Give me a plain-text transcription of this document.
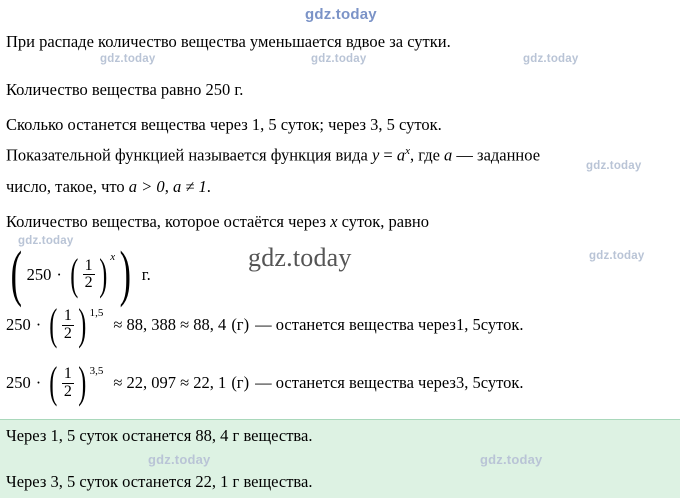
gdz.today
gdz.today	gdz.today	gdz.today
gdz.today
gdz.today
gdz.today
gdz.today
При распаде количество вещества уменьшается вдвое за сутки.
Количество вещества равно 250 г.
Сколько останется вещества через 1, 5 суток; через 3, 5 суток.
Показательной функцией называется функция вида $y = a^x$, где a — заданное
число, такое, что a > 0, a ≠ 1.
Количество вещества, которое остаётся через x суток, равно
( 250 · ( $\frac{1}{2}$ ) x ) г.
250 · ( $\frac{1}{2}$ ) 1,5
≈ 88, 388 ≈ 88, 4 (г) — останется вещества через 1, 5 суток.
250 · ( $\frac{1}{2}$ ) 3,5
≈ 22, 097 ≈ 22, 1 (г) — останется вещества через 3, 5 суток.
Через 1, 5 суток останется 88, 4 г вещества.
Через 3, 5 суток останется 22, 1 г вещества.
gdz.today	gdz.today
